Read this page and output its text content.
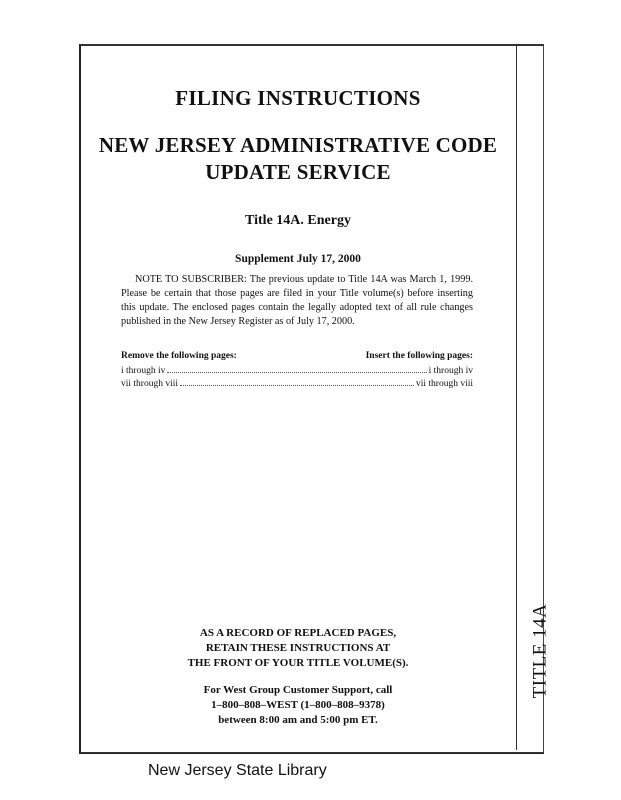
TITLE 14A
FILING INSTRUCTIONS
NEW JERSEY ADMINISTRATIVE CODE
UPDATE SERVICE
Title 14A. Energy
Supplement July 17, 2000
NOTE TO SUBSCRIBER: The previous update to Title 14A was March 1, 1999. Please be certain that those pages are filed in your Title volume(s) before inserting this update. The enclosed pages contain the legally adopted text of all rule changes published in the New Jersey Register as of July 17, 2000.
Remove the following pages:	Insert the following pages:
i through iv	i through iv
vii through viii	vii through viii
AS A RECORD OF REPLACED PAGES,
RETAIN THESE INSTRUCTIONS AT
THE FRONT OF YOUR TITLE VOLUME(S).
For West Group Customer Support, call
1–800–808–WEST (1–800–808–9378)
between 8:00 am and 5:00 pm ET.
New Jersey State Library
